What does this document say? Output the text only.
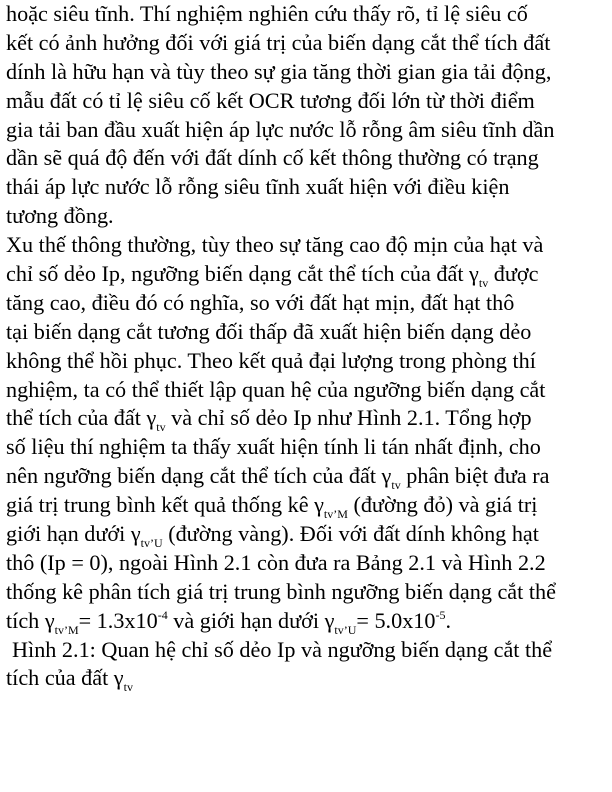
hoặc siêu tĩnh. Thí nghiệm nghiên cứu thấy rõ, tỉ lệ siêu cố
kết có ảnh hưởng đối với giá trị của biến dạng cắt thể tích đất
dính là hữu hạn và tùy theo sự gia tăng thời gian gia tải động,
mẫu đất có tỉ lệ siêu cố kết OCR tương đối lớn từ thời điểm
gia tải ban đầu xuất hiện áp lực nước lỗ rỗng âm siêu tĩnh dần
dần sẽ quá độ đến với đất dính cố kết thông thường có trạng
thái áp lực nước lỗ rỗng siêu tĩnh xuất hiện với điều kiện
tương đồng.
Xu thế thông thường, tùy theo sự tăng cao độ mịn của hạt và
chỉ số dẻo Ip, ngưỡng biến dạng cắt thể tích của đất $\gamma_{tv}$ được
tăng cao, điều đó có nghĩa, so với đất hạt mịn, đất hạt thô
tại biến dạng cắt tương đối thấp đã xuất hiện biến dạng dẻo
không thể hồi phục. Theo kết quả đại lượng trong phòng thí
nghiệm, ta có thể thiết lập quan hệ của ngưỡng biến dạng cắt
thể tích của đất $\gamma_{tv}$ và chỉ số dẻo Ip như Hình 2.1. Tổng hợp
số liệu thí nghiệm ta thấy xuất hiện tính li tán nhất định, cho
nên ngưỡng biến dạng cắt thể tích của đất $\gamma_{tv}$ phân biệt đưa ra
giá trị trung bình kết quả thống kê $\gamma_{tv’M}$ (đường đỏ) và giá trị
giới hạn dưới $\gamma_{tv’U}$ (đường vàng). Đối với đất dính không hạt
thô (Ip = 0), ngoài Hình 2.1 còn đưa ra Bảng 2.1 và Hình 2.2
thống kê phân tích giá trị trung bình ngưỡng biến dạng cắt thể
tích $\gamma_{tv’M}= 1.3x10^{-4}$ và giới hạn dưới $\gamma_{tv’U}= 5.0x10^{-5}$.
Hình 2.1: Quan hệ chỉ số dẻo Ip và ngưỡng biến dạng cắt thể
tích của đất $\gamma_{tv}$
